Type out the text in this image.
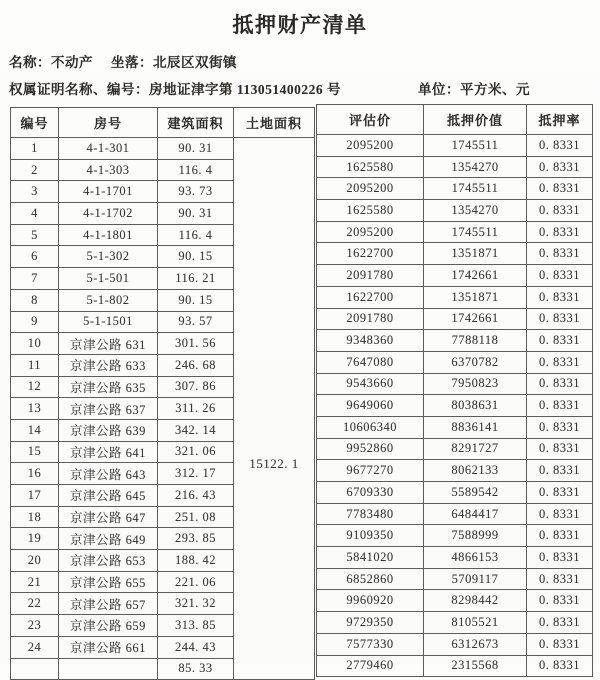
抵押财产清单
名称：不动产 坐落：北辰区双街镇
权属证明名称、编号：房地证津字第 113051400226 号	单位：平方米、元
编号	房号	建筑面积	土地面积
1	4-1-301	90. 31	15122. 1

2	4-1-303	116. 4	
3	4-1-1701	93. 73	
4	4-1-1702	90. 31	
5	4-1-1801	116. 4	
6	5-1-302	90. 15	
7	5-1-501	116. 21	
8	5-1-802	90. 15	
9	5-1-1501	93. 57	
10	京津公路 631	301. 56	
11	京津公路 633	246. 68	
12	京津公路 635	307. 86	
13	京津公路 637	311. 26	
14	京津公路 639	342. 14	
15	京津公路 641	321. 06	
16	京津公路 643	312. 17	
17	京津公路 645	216. 43	
18	京津公路 647	251. 08	
19	京津公路 649	293. 85	
20	京津公路 653	188. 42	
21	京津公路 655	221. 06	
22	京津公路 657	321. 32	
23	京津公路 659	313. 85	
24	京津公路 661	244. 43	
		85. 33	
评估价	抵押价值	抵押率
2095200	1745511	0. 8331
1625580	1354270	0. 8331
2095200	1745511	0. 8331
1625580	1354270	0. 8331
2095200	1745511	0. 8331
1622700	1351871	0. 8331
2091780	1742661	0. 8331
1622700	1351871	0. 8331
2091780	1742661	0. 8331
9348360	7788118	0. 8331
7647080	6370782	0. 8331
9543660	7950823	0. 8331
9649060	8038631	0. 8331
10606340	8836141	0. 8331
9952860	8291727	0. 8331
9677270	8062133	0. 8331
6709330	5589542	0. 8331
7783480	6484417	0. 8331
9109350	7588999	0. 8331
5841020	4866153	0. 8331
6852860	5709117	0. 8331
9960920	8298442	0. 8331
9729350	8105521	0. 8331
7577330	6312673	0. 8331
2779460	2315568	0. 8331
